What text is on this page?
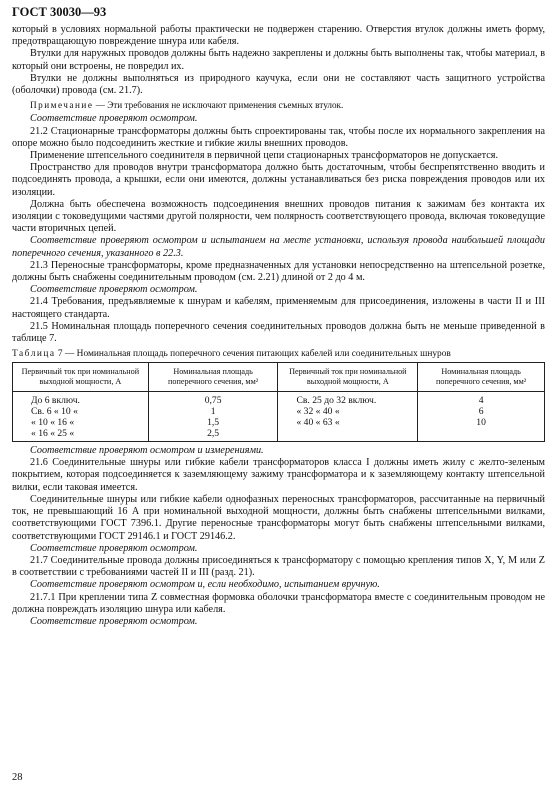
ГОСТ 30030—93

который в условиях нормальной работы практически не подвержен старению. Отверстия втулок должны иметь форму, предотвращающую повреждение шнура или кабеля.

Втулки для наружных проводов должны быть надежно закреплены и должны быть выполнены так, чтобы материал, в который они встроены, не повредил их.

Втулки не должны выполняться из природного каучука, если они не составляют часть защитного устройства (оболочки) провода (см. 21.7).

Примечание — Эти требования не исключают применения съемных втулок.

Соответствие проверяют осмотром.

21.2 Стационарные трансформаторы должны быть спроектированы так, чтобы после их нормального закрепления на опоре можно было подсоединить жесткие и гибкие жилы внешних проводов.

Применение штепсельного соединителя в первичной цепи стационарных трансформаторов не допускается.

Пространство для проводов внутри трансформатора должно быть достаточным, чтобы беспрепятственно вводить и подсоединять провода, а крышки, если они имеются, должны устанавливаться без риска повреждения проводов или их изоляции.

Должна быть обеспечена возможность подсоединения внешних проводов питания к зажимам без контакта их изоляции с токоведущими частями другой полярности, чем полярность соответствующего провода, включая токоведущие части вторичных цепей.

Соответствие проверяют осмотром и испытанием на месте установки, используя провода наибольшей площади поперечного сечения, указанного в 22.3.

21.3 Переносные трансформаторы, кроме предназначенных для установки непосредственно на штепсельной розетке, должны быть снабжены соединительным проводом (см. 2.21) длиной от 2 до 4 м.

Соответствие проверяют осмотром.

21.4 Требования, предъявляемые к шнурам и кабелям, применяемым для присоединения, изложены в части II и III настоящего стандарта.

21.5 Номинальная площадь поперечного сечения соединительных проводов должна быть не меньше приведенной в таблице 7.

Таблица 7 — Номинальная площадь поперечного сечения питающих кабелей или соединительных шнуров

Первичный ток при номинальной выходной мощности, А	Номинальная площадь поперечного сечения, мм²	Первичный ток при номинальной выходной мощности, А	Номинальная площадь поперечного сечения, мм²
До 6 включ.	0,75	Св. 25 до 32 включ.	4
Св. 6 « 10 «	1	« 32 « 40 «	6
« 10 « 16 «	1,5	« 40 « 63 «	10
« 16 « 25 «	2,5		

Соответствие проверяют осмотром и измерениями.

21.6 Соединительные шнуры или гибкие кабели трансформаторов класса I должны иметь жилу с желто-зеленым покрытием, которая подсоединяется к заземляющему зажиму трансформатора и к заземляющему контакту штепсельной вилки, если таковая имеется.

Соединительные шнуры или гибкие кабели однофазных переносных трансформаторов, рассчитанные на первичный ток, не превышающий 16 А при номинальной выходной мощности, должны быть снабжены штепсельными вилками, соответствующими ГОСТ 7396.1. Другие переносные трансформаторы могут быть снабжены штепсельными вилками, соответствующими ГОСТ 29146.1 и ГОСТ 29146.2.

Соответствие проверяют осмотром.

21.7 Соединительные провода должны присоединяться к трансформатору с помощью крепления типов X, Y, M или Z в соответствии с требованиями частей II и III (разд. 21).

Соответствие проверяют осмотром и, если необходимо, испытанием вручную.

21.7.1 При креплении типа Z совместная формовка оболочки трансформатора вместе с соединительным проводом не должна повреждать изоляцию шнура или кабеля.

Соответствие проверяют осмотром.

28
